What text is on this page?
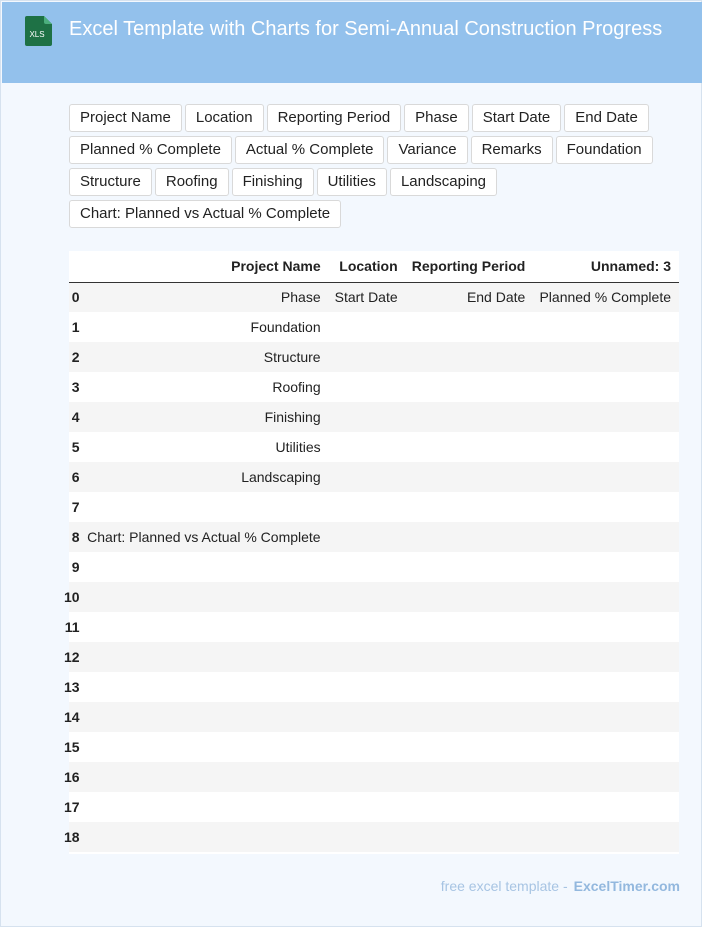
XLS	Excel Template with Charts for Semi-Annual Construction Progress
Project Name	Location	Reporting Period	Phase	Start Date	End Date
Planned % Complete	Actual % Complete	Variance	Remarks	Foundation
Structure	Roofing	Finishing	Utilities	Landscaping
Chart: Planned vs Actual % Complete
	Project Name	Location	Reporting Period	Unnamed: 3
0	Phase	Start Date	End Date	Planned % Complete
1	Foundation			
2	Structure			
3	Roofing			
4	Finishing			
5	Utilities			
6	Landscaping			
7				
8	Chart: Planned vs Actual % Complete			
9				
10				
11				
12				
13				
14				
15				
16				
17				
18				
free excel template - ExcelTimer.com
